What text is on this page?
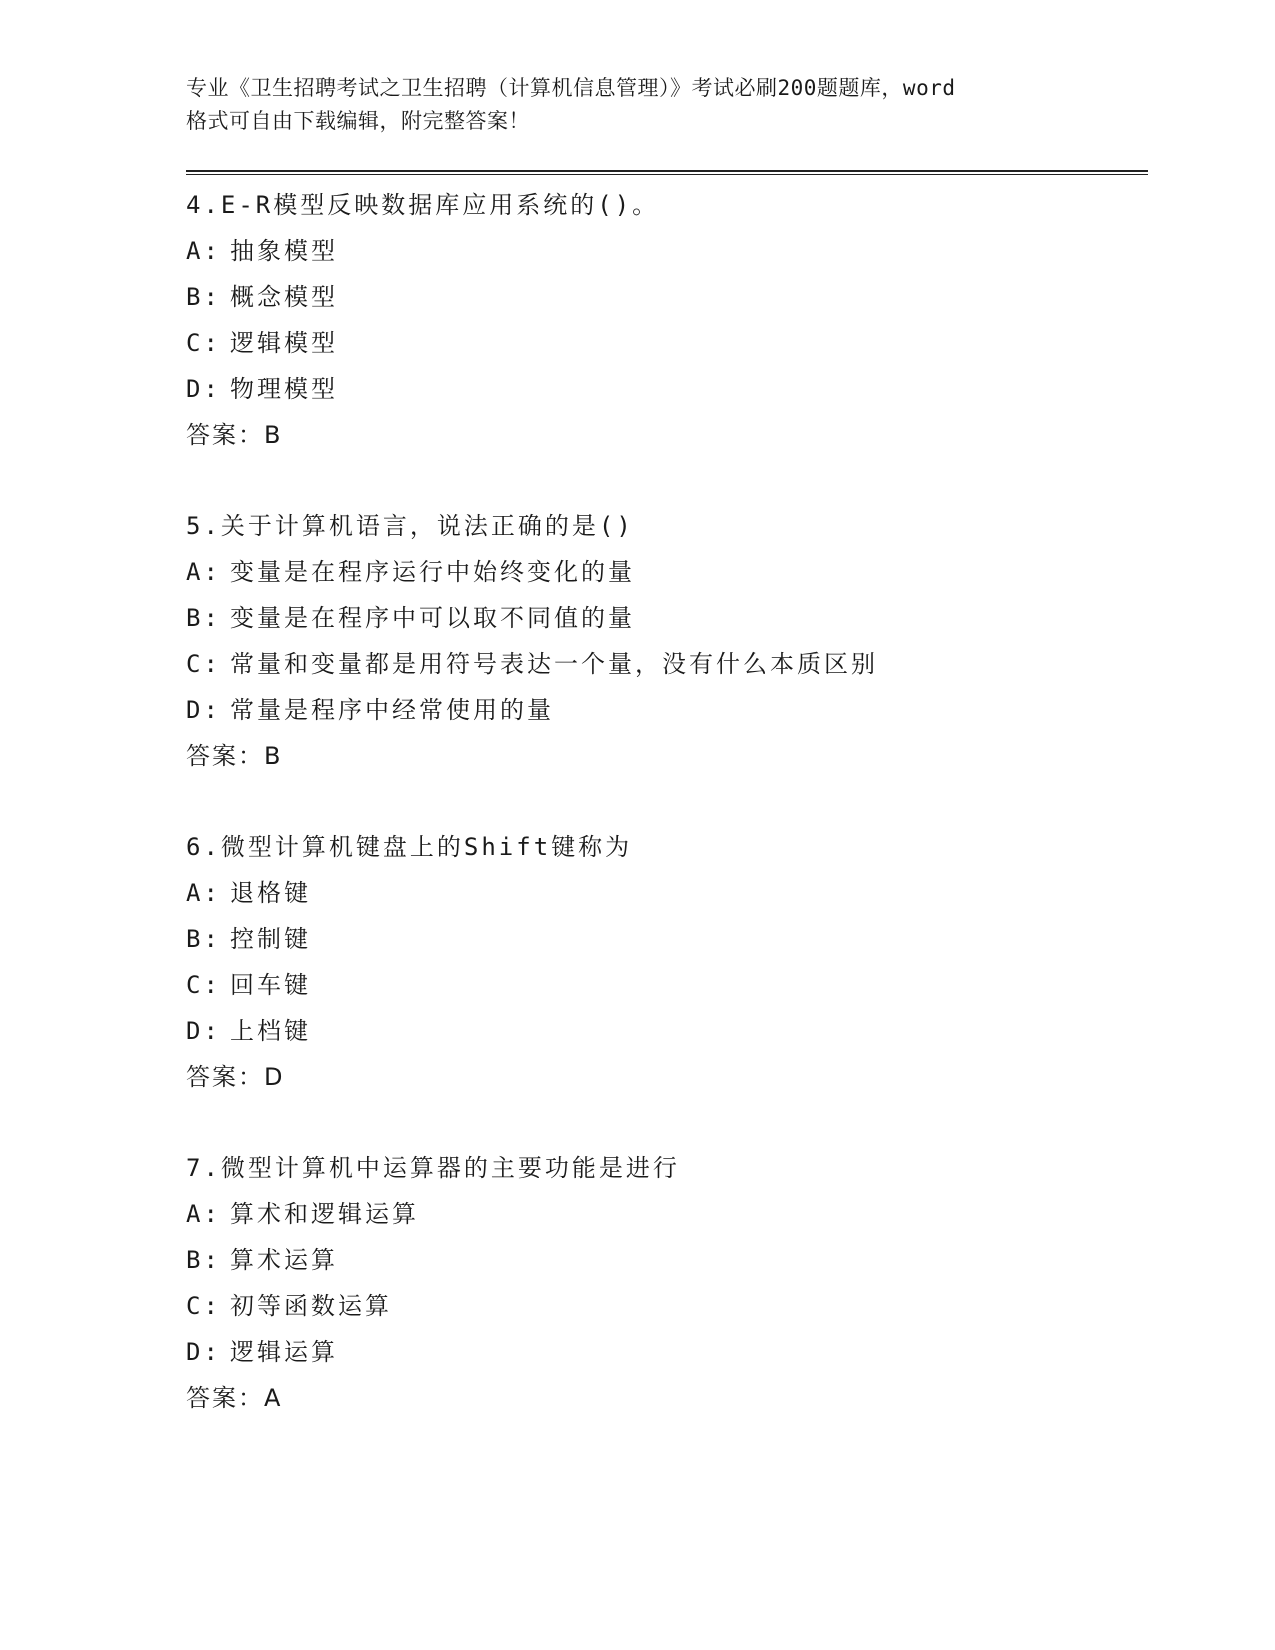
专业《卫生招聘考试之卫生招聘（计算机信息管理）》考试必刷200题题库，word

格式可自由下载编辑，附完整答案！

4.E-R模型反映数据库应用系统的()。
A: 抽象模型
B: 概念模型
C: 逻辑模型
D: 物理模型
答案：B
5.关于计算机语言，说法正确的是()
A: 变量是在程序运行中始终变化的量
B: 变量是在程序中可以取不同值的量
C: 常量和变量都是用符号表达一个量，没有什么本质区别
D: 常量是程序中经常使用的量
答案：B
6.微型计算机键盘上的Shift键称为
A: 退格键
B: 控制键
C: 回车键
D: 上档键
答案：D
7.微型计算机中运算器的主要功能是进行
A: 算术和逻辑运算
B: 算术运算
C: 初等函数运算
D: 逻辑运算
答案：A
